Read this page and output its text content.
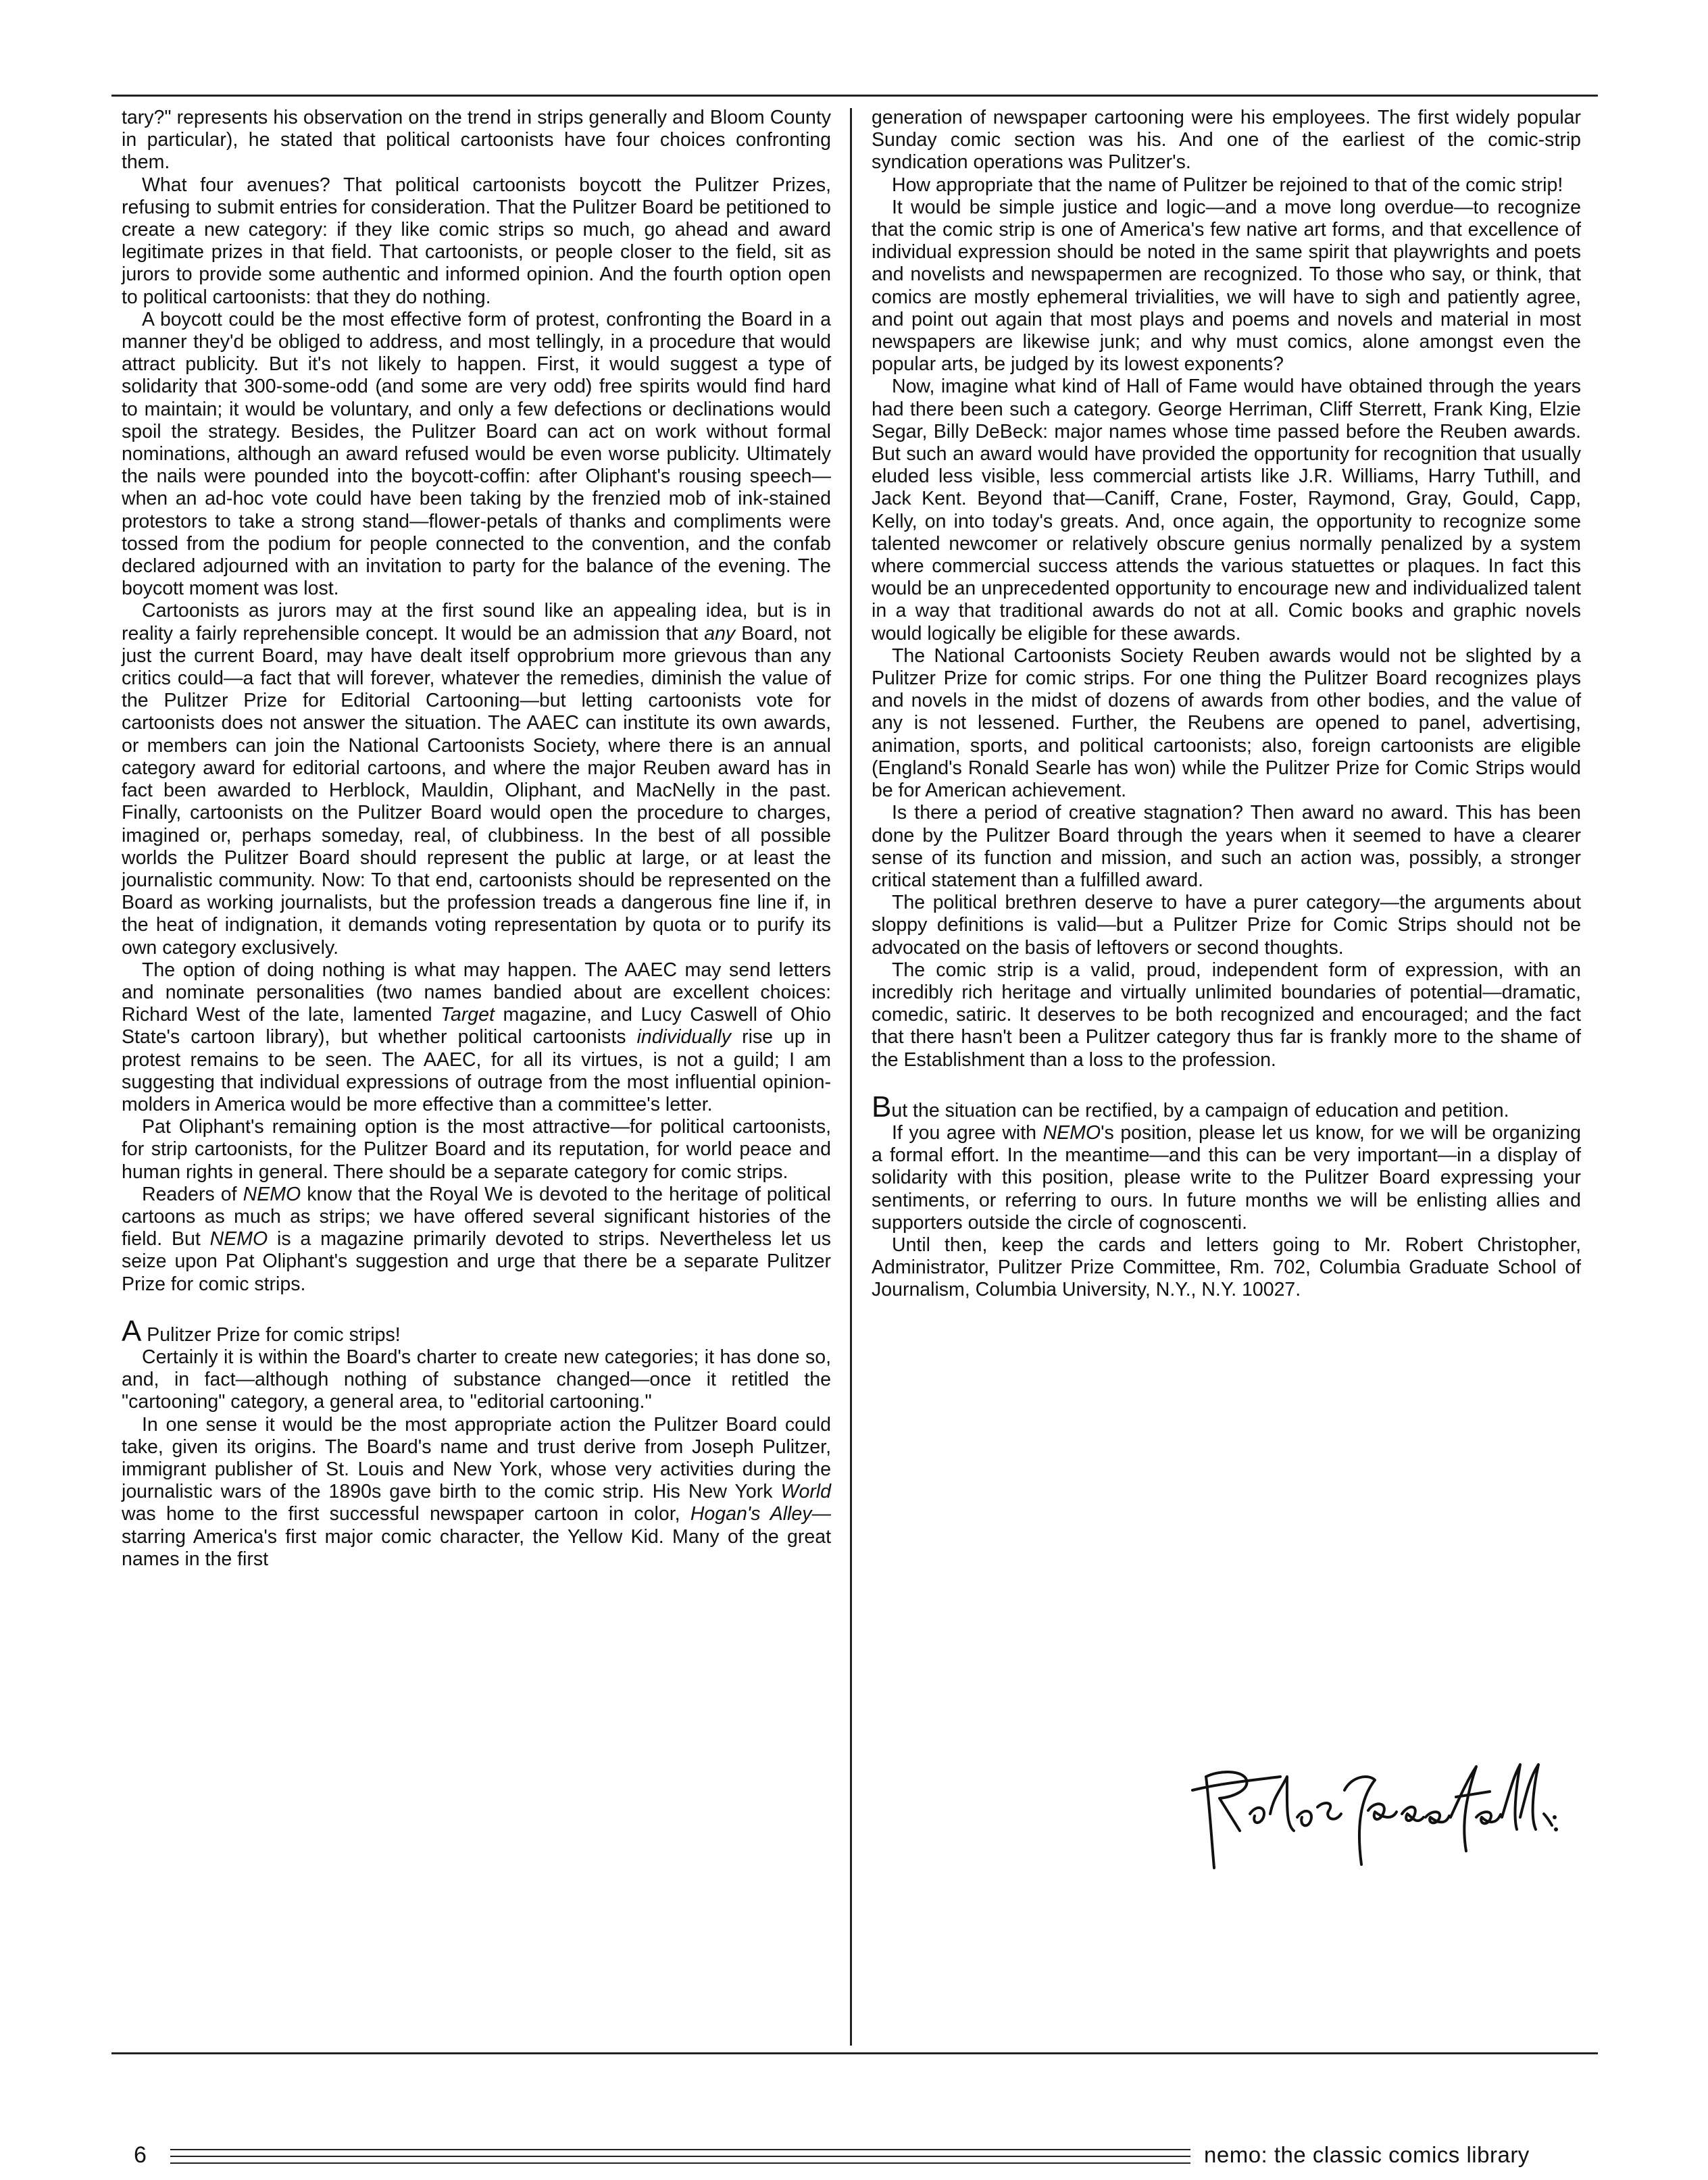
tary?" represents his observation on the trend in strips generally and Bloom County in particular), he stated that political cartoonists have four choices confronting them.

What four avenues? That political cartoonists boycott the Pulitzer Prizes, refusing to submit entries for consideration. That the Pulitzer Board be petitioned to create a new category: if they like comic strips so much, go ahead and award legitimate prizes in that field. That cartoonists, or people closer to the field, sit as jurors to provide some authentic and informed opinion. And the fourth option open to political cartoonists: that they do nothing.

A boycott could be the most effective form of protest, confronting the Board in a manner they'd be obliged to address, and most tellingly, in a procedure that would attract publicity. But it's not likely to happen. First, it would suggest a type of solidarity that 300-some-odd (and some are very odd) free spirits would find hard to maintain; it would be voluntary, and only a few defections or declinations would spoil the strategy. Besides, the Pulitzer Board can act on work without formal nominations, although an award refused would be even worse publicity. Ultimately the nails were pounded into the boycott-coffin: after Oliphant's rousing speech—when an ad-hoc vote could have been taking by the frenzied mob of ink-stained protestors to take a strong stand—flower-petals of thanks and compliments were tossed from the podium for people connected to the convention, and the confab declared adjourned with an invitation to party for the balance of the evening. The boycott moment was lost.

Cartoonists as jurors may at the first sound like an appealing idea, but is in reality a fairly reprehensible concept. It would be an admission that any Board, not just the current Board, may have dealt itself opprobrium more grievous than any critics could—a fact that will forever, whatever the remedies, diminish the value of the Pulitzer Prize for Editorial Cartooning—but letting cartoonists vote for cartoonists does not answer the situation. The AAEC can institute its own awards, or members can join the National Cartoonists Society, where there is an annual category award for editorial cartoons, and where the major Reuben award has in fact been awarded to Herblock, Mauldin, Oliphant, and MacNelly in the past. Finally, cartoonists on the Pulitzer Board would open the procedure to charges, imagined or, perhaps someday, real, of clubbiness. In the best of all possible worlds the Pulitzer Board should represent the public at large, or at least the journalistic community. Now: To that end, cartoonists should be represented on the Board as working journalists, but the profession treads a dangerous fine line if, in the heat of indignation, it demands voting representation by quota or to purify its own category exclusively.

The option of doing nothing is what may happen. The AAEC may send letters and nominate personalities (two names bandied about are excellent choices: Richard West of the late, lamented Target magazine, and Lucy Caswell of Ohio State's cartoon library), but whether political cartoonists individually rise up in protest remains to be seen. The AAEC, for all its virtues, is not a guild; I am suggesting that individual expressions of outrage from the most influential opinion-molders in America would be more effective than a committee's letter.

Pat Oliphant's remaining option is the most attractive—for political cartoonists, for strip cartoonists, for the Pulitzer Board and its reputation, for world peace and human rights in general. There should be a separate category for comic strips.

Readers of NEMO know that the Royal We is devoted to the heritage of political cartoons as much as strips; we have offered several significant histories of the field. But NEMO is a magazine primarily devoted to strips. Nevertheless let us seize upon Pat Oliphant's suggestion and urge that there be a separate Pulitzer Prize for comic strips.

A Pulitzer Prize for comic strips!

Certainly it is within the Board's charter to create new categories; it has done so, and, in fact—although nothing of substance changed—once it retitled the "cartooning" category, a general area, to "editorial cartooning."

In one sense it would be the most appropriate action the Pulitzer Board could take, given its origins. The Board's name and trust derive from Joseph Pulitzer, immigrant publisher of St. Louis and New York, whose very activities during the journalistic wars of the 1890s gave birth to the comic strip. His New York World was home to the first successful newspaper cartoon in color, Hogan's Alley—starring America's first major comic character, the Yellow Kid. Many of the great names in the first

generation of newspaper cartooning were his employees. The first widely popular Sunday comic section was his. And one of the earliest of the comic-strip syndication operations was Pulitzer's.

How appropriate that the name of Pulitzer be rejoined to that of the comic strip!

It would be simple justice and logic—and a move long overdue—to recognize that the comic strip is one of America's few native art forms, and that excellence of individual expression should be noted in the same spirit that playwrights and poets and novelists and newspapermen are recognized. To those who say, or think, that comics are mostly ephemeral trivialities, we will have to sigh and patiently agree, and point out again that most plays and poems and novels and material in most newspapers are likewise junk; and why must comics, alone amongst even the popular arts, be judged by its lowest exponents?

Now, imagine what kind of Hall of Fame would have obtained through the years had there been such a category. George Herriman, Cliff Sterrett, Frank King, Elzie Segar, Billy DeBeck: major names whose time passed before the Reuben awards. But such an award would have provided the opportunity for recognition that usually eluded less visible, less commercial artists like J.R. Williams, Harry Tuthill, and Jack Kent. Beyond that—Caniff, Crane, Foster, Raymond, Gray, Gould, Capp, Kelly, on into today's greats. And, once again, the opportunity to recognize some talented newcomer or relatively obscure genius normally penalized by a system where commercial success attends the various statuettes or plaques. In fact this would be an unprecedented opportunity to encourage new and individualized talent in a way that traditional awards do not at all. Comic books and graphic novels would logically be eligible for these awards.

The National Cartoonists Society Reuben awards would not be slighted by a Pulitzer Prize for comic strips. For one thing the Pulitzer Board recognizes plays and novels in the midst of dozens of awards from other bodies, and the value of any is not lessened. Further, the Reubens are opened to panel, advertising, animation, sports, and political cartoonists; also, foreign cartoonists are eligible (England's Ronald Searle has won) while the Pulitzer Prize for Comic Strips would be for American achievement.

Is there a period of creative stagnation? Then award no award. This has been done by the Pulitzer Board through the years when it seemed to have a clearer sense of its function and mission, and such an action was, possibly, a stronger critical statement than a fulfilled award.

The political brethren deserve to have a purer category—the arguments about sloppy definitions is valid—but a Pulitzer Prize for Comic Strips should not be advocated on the basis of leftovers or second thoughts.

The comic strip is a valid, proud, independent form of expression, with an incredibly rich heritage and virtually unlimited boundaries of potential—dramatic, comedic, satiric. It deserves to be both recognized and encouraged; and the fact that there hasn't been a Pulitzer category thus far is frankly more to the shame of the Establishment than a loss to the profession.

But the situation can be rectified, by a campaign of education and petition.

If you agree with NEMO's position, please let us know, for we will be organizing a formal effort. In the meantime—and this can be very important—in a display of solidarity with this position, please write to the Pulitzer Board expressing your sentiments, or referring to ours. In future months we will be enlisting allies and supporters outside the circle of cognoscenti.

Until then, keep the cards and letters going to Mr. Robert Christopher, Administrator, Pulitzer Prize Committee, Rm. 702, Columbia Graduate School of Journalism, Columbia University, N.Y., N.Y. 10027.

6	nemo: the classic comics library
